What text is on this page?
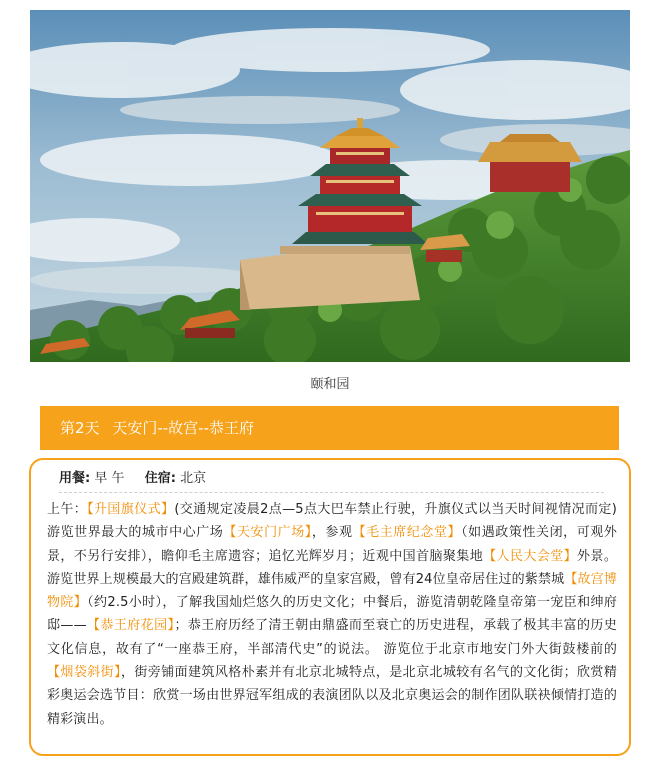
颐和园
第2天 天安门--故宫--恭王府
用餐: 早 午 住宿: 北京
上午：【升国旗仪式】(交通规定凌晨2点—5点大巴车禁止行驶，升旗仪式以当天时间视情况而定)游览世界最大的城市中心广场【天安门广场】，参观【毛主席纪念堂】（如遇政策性关闭，可观外景，不另行安排），瞻仰毛主席遗容；追忆光辉岁月；近观中国首脑聚集地【人民大会堂】外景。游览世界上规模最大的宫殿建筑群，雄伟威严的皇家宫殿，曾有24位皇帝居住过的紫禁城【故宫博物院】（约2.5小时），了解我国灿烂悠久的历史文化；中餐后，游览清朝乾隆皇帝第一宠臣和绅府邸——【恭王府花园】；恭王府历经了清王朝由鼎盛而至衰亡的历史进程，承载了极其丰富的历史文化信息，故有了“一座恭王府，半部清代史”的说法。 游览位于北京市地安门外大街鼓楼前的【烟袋斜街】，街旁铺面建筑风格朴素并有北京北城特点，是北京北城较有名气的文化街；欣赏精彩奥运会选节目：欣赏一场由世界冠军组成的表演团队以及北京奥运会的制作团队联袂倾情打造的精彩演出。
